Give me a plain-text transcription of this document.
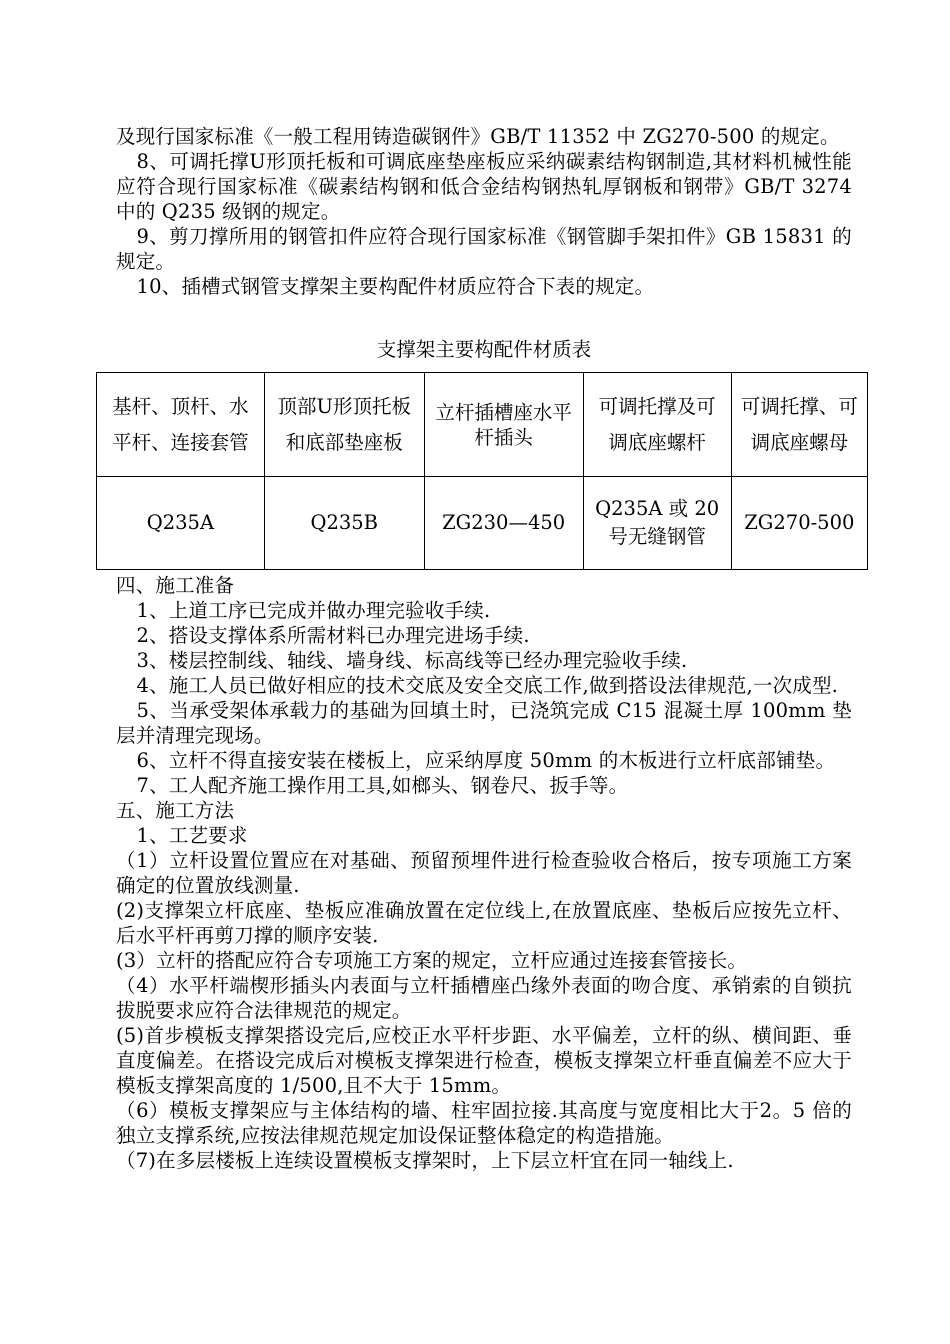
及现行国家标准《一般工程用铸造碳钢件》GB/T 11352 中 ZG270-500 的规定。

8、可调托撑U形顶托板和可调底座垫座板应采纳碳素结构钢制造,其材料机械性能应符合现行国家标准《碳素结构钢和低合金结构钢热轧厚钢板和钢带》GB/T 3274 中的 Q235 级钢的规定。

9、剪刀撑所用的钢管扣件应符合现行国家标准《钢管脚手架扣件》GB 15831 的规定。

10、插槽式钢管支撑架主要构配件材质应符合下表的规定。

支撑架主要构配件材质表
基杆、顶杆、水平杆、连接套管	顶部U形顶托板和底部垫座板	立杆插槽座水平杆插头	可调托撑及可调底座螺杆	可调托撑、可调底座螺母
Q235A	Q235B	ZG230—450	Q235A 或 20 号无缝钢管	ZG270-500

四、施工准备

1、上道工序已完成并做办理完验收手续.

2、搭设支撑体系所需材料已办理完进场手续.

3、楼层控制线、轴线、墙身线、标高线等已经办理完验收手续.

4、施工人员已做好相应的技术交底及安全交底工作,做到搭设法律规范,一次成型.

5、当承受架体承载力的基础为回填土时，已浇筑完成 C15 混凝土厚 100mm 垫层并清理完现场。

6、立杆不得直接安装在楼板上，应采纳厚度 50mm 的木板进行立杆底部铺垫。

7、工人配齐施工操作用工具,如榔头、钢卷尺、扳手等。

五、施工方法

1、工艺要求

（1）立杆设置位置应在对基础、预留预埋件进行检查验收合格后，按专项施工方案确定的位置放线测量.

(2)支撑架立杆底座、垫板应准确放置在定位线上,在放置底座、垫板后应按先立杆、后水平杆再剪刀撑的顺序安装.

(3）立杆的搭配应符合专项施工方案的规定，立杆应通过连接套管接长。

（4）水平杆端楔形插头内表面与立杆插槽座凸缘外表面的吻合度、承销索的自锁抗拔脱要求应符合法律规范的规定。

(5)首步模板支撑架搭设完后,应校正水平杆步距、水平偏差，立杆的纵、横间距、垂直度偏差。在搭设完成后对模板支撑架进行检查，模板支撑架立杆垂直偏差不应大于模板支撑架高度的 1/500,且不大于 15mm。

（6）模板支撑架应与主体结构的墙、柱牢固拉接.其高度与宽度相比大于2。5 倍的独立支撑系统,应按法律规范规定加设保证整体稳定的构造措施。

（7)在多层楼板上连续设置模板支撑架时，上下层立杆宜在同一轴线上.
